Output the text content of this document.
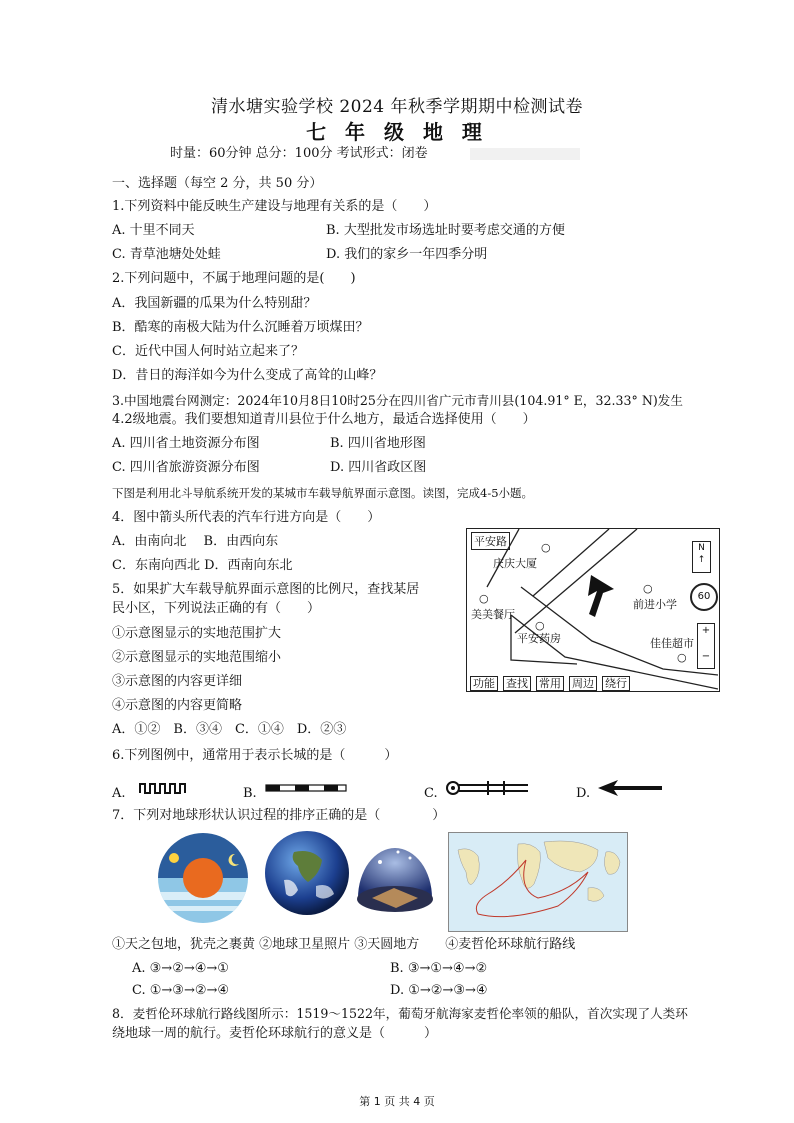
清水塘实验学校 2024 年秋季学期期中检测试卷
七 年 级 地 理
时量：60分钟 总分：100分 考试形式：闭卷
一、选择题（每空 2 分，共 50 分）
1.下列资料中能反映生产建设与地理有关系的是（　　）
A. 十里不同天	B. 大型批发市场选址时要考虑交通的方便
C. 青草池塘处处蛙	D. 我们的家乡一年四季分明
2.下列问题中，不属于地理问题的是(　　)
A．我国新疆的瓜果为什么特别甜？
B．酷寒的南极大陆为什么沉睡着万顷煤田？
C．近代中国人何时站立起来了？
D．昔日的海洋如今为什么变成了高耸的山峰？
3.中国地震台网测定：2024年10月8日10时25分在四川省广元市青川县(104.91° E，32.33° N)发生
4.2级地震。我们要想知道青川县位于什么地方，最适合选择使用（　　）
A. 四川省土地资源分布图	B. 四川省地形图
C. 四川省旅游资源分布图	D. 四川省政区图
下图是利用北斗导航系统开发的某城市车载导航界面示意图。读图，完成4-5小题。
4．图中箭头所代表的汽车行进方向是（　　）
A．由南向北　 B．由西向东
C．东南向西北 D．西南向东北
5．如果扩大车载导航界面示意图的比例尺，查找某居
民小区，下列说法正确的有（　　）
①示意图显示的实地范围扩大
②示意图显示的实地范围缩小
③示意图的内容更详细
④示意图的内容更简略
A．①②　B．③④　C．①④　D．②③
平安路	○
庆庆大厦
○
美美餐厅
○
平安药房
○
前进小学
佳佳超市
○
N
↑
60
+
−
功能 查找 常用 周边 绕行
6.下列图例中，通常用于表示长城的是（　　　）
A.	B.	C.	D.
7．下列对地球形状认识过程的排序正确的是（　　　　）
①天之包地，犹壳之裹黄 ②地球卫星照片 ③天圆地方　　④麦哲伦环球航行路线
A. ③→②→④→①	B. ③→①→④→②
C. ①→③→②→④	D. ①→②→③→④
8．麦哲伦环球航行路线图所示：1519～1522年，葡萄牙航海家麦哲伦率领的船队，首次实现了人类环
绕地球一周的航行。麦哲伦环球航行的意义是（　　　）
第 1 页 共 4 页
